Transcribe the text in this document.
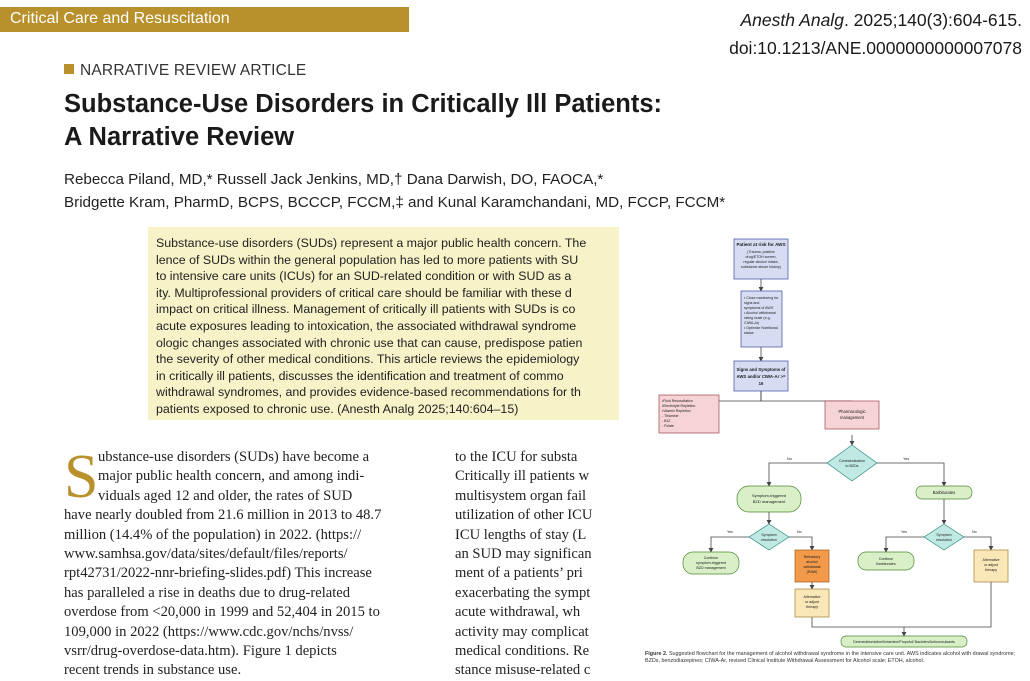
Critical Care and Resuscitation	Anesth Analg. 2025;140(3):604-615.
doi:10.1213/ANE.0000000000007078
NARRATIVE REVIEW ARTICLE
Substance-Use Disorders in Critically Ill Patients:
A Narrative Review
Rebecca Piland, MD,* Russell Jack Jenkins, MD,† Dana Darwish, DO, FAOCA,*
Bridgette Kram, PharmD, BCPS, BCCCP, FCCM,‡ and Kunal Karamchandani, MD, FCCP, FCCM*

Substance-use disorders (SUDs) represent a major public health concern. The

lence of SUDs within the general population has led to more patients with SU

to intensive care units (ICUs) for an SUD-related condition or with SUD as a

ity. Multiprofessional providers of critical care should be familiar with these d

impact on critical illness. Management of critically ill patients with SUDs is co

acute exposures leading to intoxication, the associated withdrawal syndrome

ologic changes associated with chronic use that can cause, predispose patien

the severity of other medical conditions. This article reviews the epidemiology

in critically ill patients, discusses the identification and treatment of commo

withdrawal syndromes, and provides evidence-based recommendations for th

patients exposed to chronic use. (Anesth Analg 2025;140:604–15)

S ubstance-use disorders (SUDs) have become a
major public health concern, and among indi-
viduals aged 12 and older, the rates of SUD
have nearly doubled from 21.6 million in 2013 to 48.7
million (14.4% of the population) in 2022. (https://
www.samhsa.gov/data/sites/default/files/reports/
rpt42731/2022-nnr-briefing-slides.pdf) This increase
has paralleled a rise in deaths due to drug-related
overdose from <20,000 in 1999 and 52,404 in 2015 to
109,000 in 2022 (https://www.cdc.gov/nchs/nvss/
vsrr/drug-overdose-data.htm). Figure 1 depicts
recent trends in substance use.
to the ICU for substa
Critically ill patients w
multisystem organ fail
utilization of other ICU
ICU lengths of stay (L
an SUD may significan
ment of a patients’ pri
exacerbating the sympt
acute withdrawal, wh
activity may complicat
medical conditions. Re
stance misuse-related c
Patient at risk for AWS
(Trauma, positive
drug/ETOH screen,
regular alcohol intake,
substance abuse history)
• Close monitoring for
signs and
symptoms of AWS
• Alcohol withdrawal
rating scale (e.g.
CIWA-Ar)
• Optimize Nutritional
status
Signs and Symptoms of
AWS and/or CIWA-Ar >=
16
•Fluid Resuscitation
•Electrolyte Repletion
•Vitamin Repletion
- Thiamine
- B12
- Folate
Pharmacologic
management
Contraindication
to BZDs
No	Yes
Symptom-triggered
BZD management
Barbiturates
Symptom
resolution
Yes	No
Symptom
resolution
Yes	No
Continue
symptom-triggered
BZD management
Refractory
alcohol
withdrawal
(RAW)
Alternative
or adjust
therapy
Continue
Barbiturates
Alternative
or adjust
therapy
Dexmedetomidine/Ketamine/Propofol/ Baclofen/Anticonvulsants
Figure 2. Suggested flowchart for the management of alcohol withdrawal syndrome in the intensive care unit. AWS indicates alcohol with drawal syndrome; BZDs, benzodiazepines; CIWA-Ar, revised Clinical Institute Withdrawal Assessment for Alcohol scale; ETOH, alcohol.
